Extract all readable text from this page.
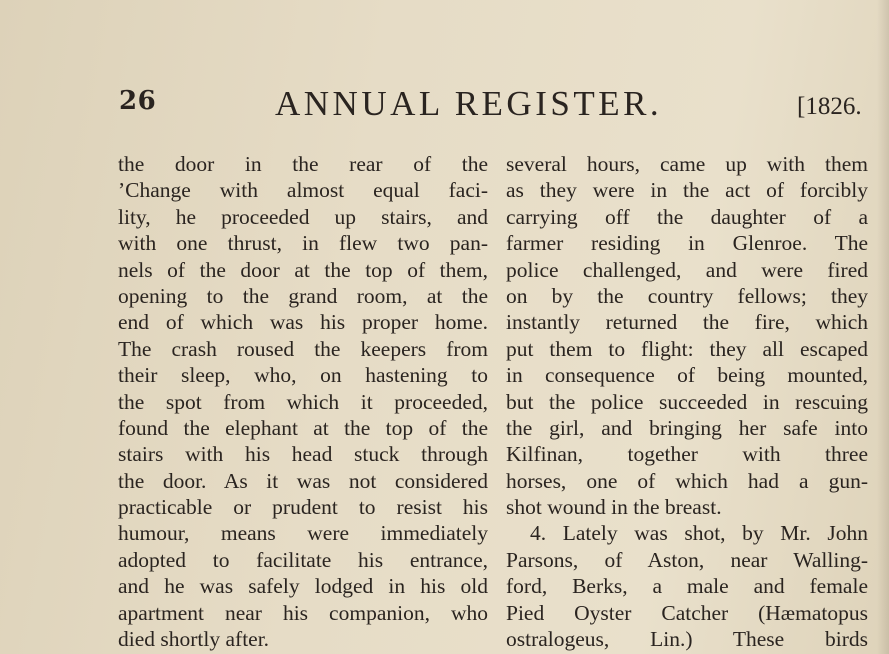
26	ANNUAL REGISTER.	[1826.
the door in the rear of the
’Change with almost equal faci-
lity, he proceeded up stairs, and
with one thrust, in flew two pan-
nels of the door at the top of them,
opening to the grand room, at the
end of which was his proper home.
The crash roused the keepers from
their sleep, who, on hastening to
the spot from which it proceeded,
found the elephant at the top of the
stairs with his head stuck through
the door. As it was not considered
practicable or prudent to resist his
humour, means were immediately
adopted to facilitate his entrance,
and he was safely lodged in his old
apartment near his companion, who
died shortly after.
several hours, came up with them
as they were in the act of forcibly
carrying off the daughter of a
farmer residing in Glenroe. The
police challenged, and were fired
on by the country fellows; they
instantly returned the fire, which
put them to flight: they all escaped
in consequence of being mounted,
but the police succeeded in rescuing
the girl, and bringing her safe into
Kilfinan, together with three
horses, one of which had a gun-
shot wound in the breast.
4. Lately was shot, by Mr. John
Parsons, of Aston, near Walling-
ford, Berks, a male and female
Pied Oyster Catcher (Hæmatopus
ostralogeus, Lin.) These birds
